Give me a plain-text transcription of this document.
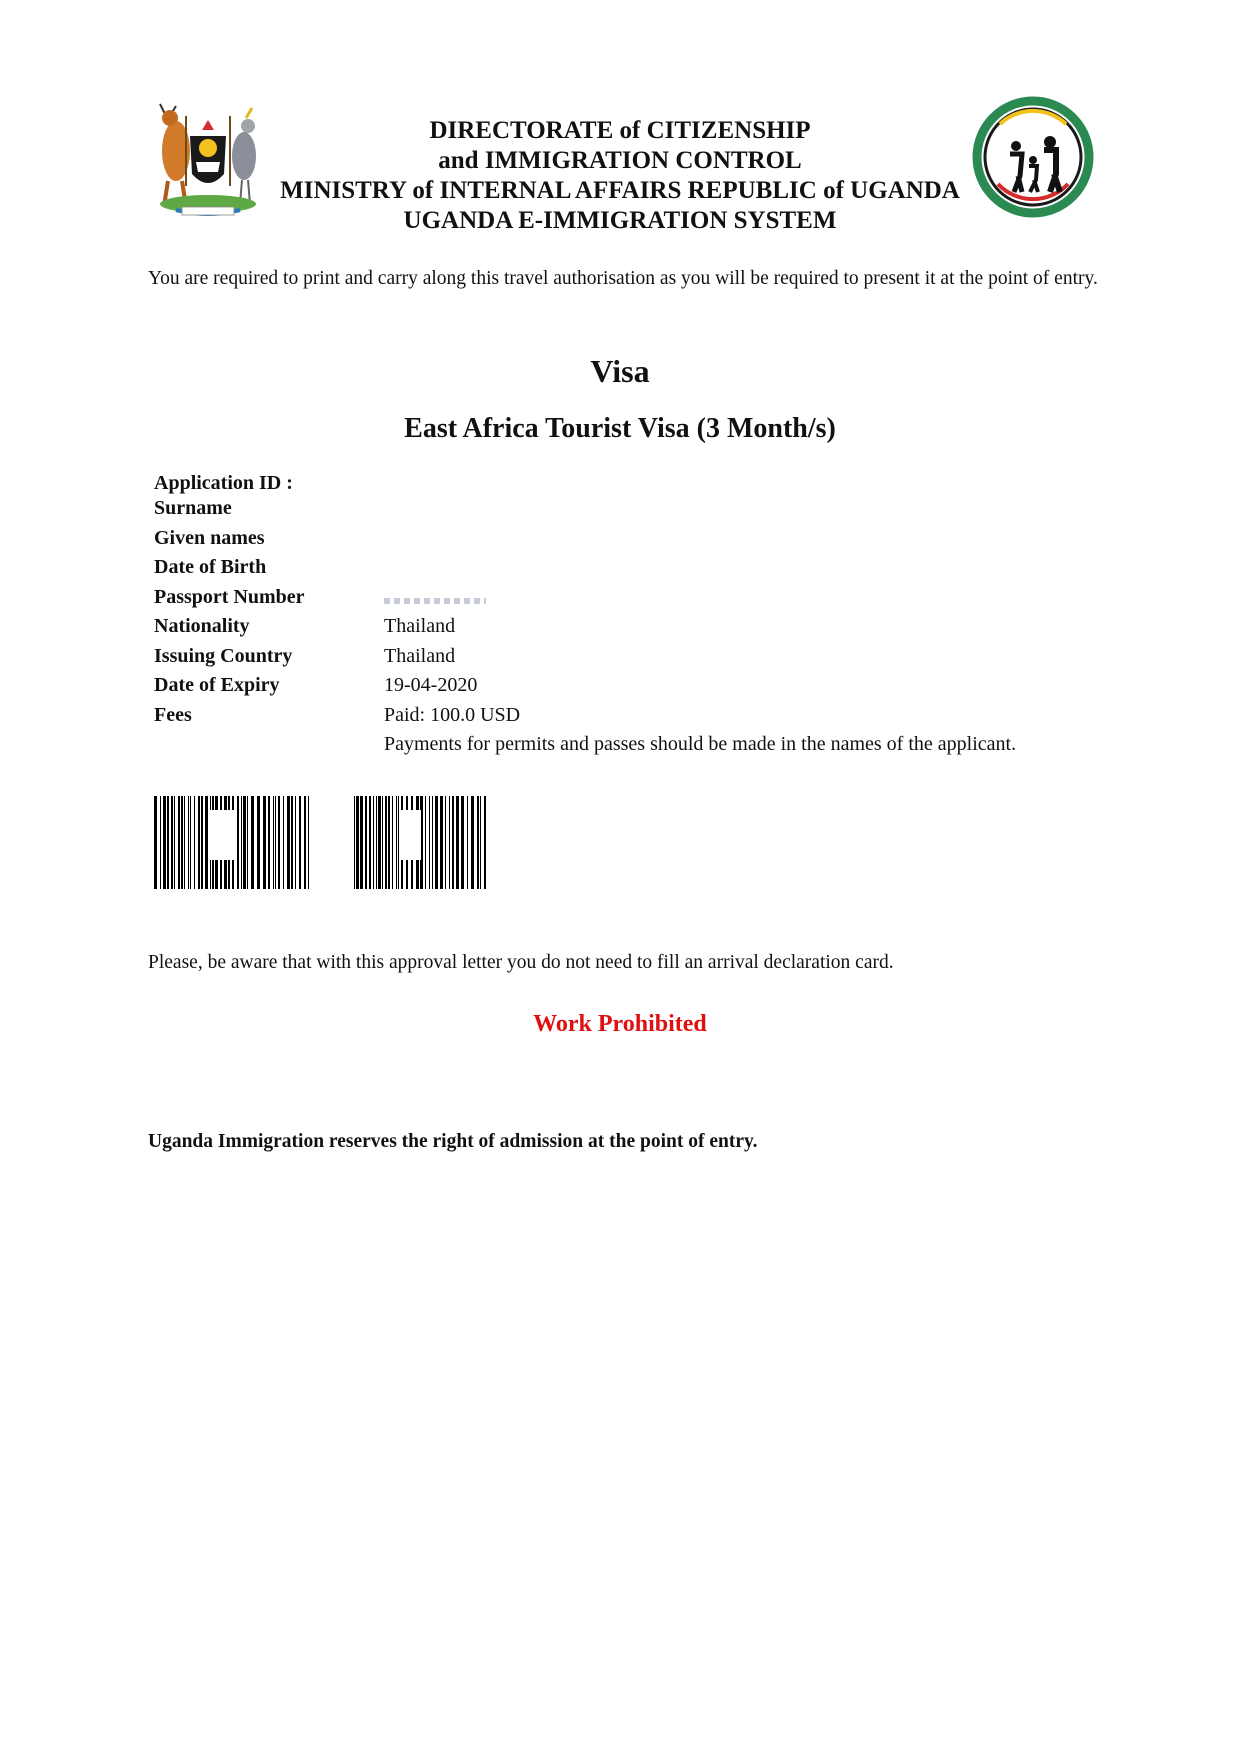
DIRECTORATE of CITIZENSHIP
and IMMIGRATION CONTROL
MINISTRY of INTERNAL AFFAIRS REPUBLIC of UGANDA
UGANDA E-IMMIGRATION SYSTEM
You are required to print and carry along this travel authorisation as you will be required to present it at the point of entry.
Visa
East Africa Tourist Visa (3 Month/s)
Application ID :
Surname
Given names
Date of Birth
Passport Number
Nationality	Thailand
Issuing Country	Thailand
Date of Expiry	19-04-2020
Fees	Paid: 100.0 USD
Payments for permits and passes should be made in the names of the applicant.
Please, be aware that with this approval letter you do not need to fill an arrival declaration card.
Work Prohibited
Uganda Immigration reserves the right of admission at the point of entry.
